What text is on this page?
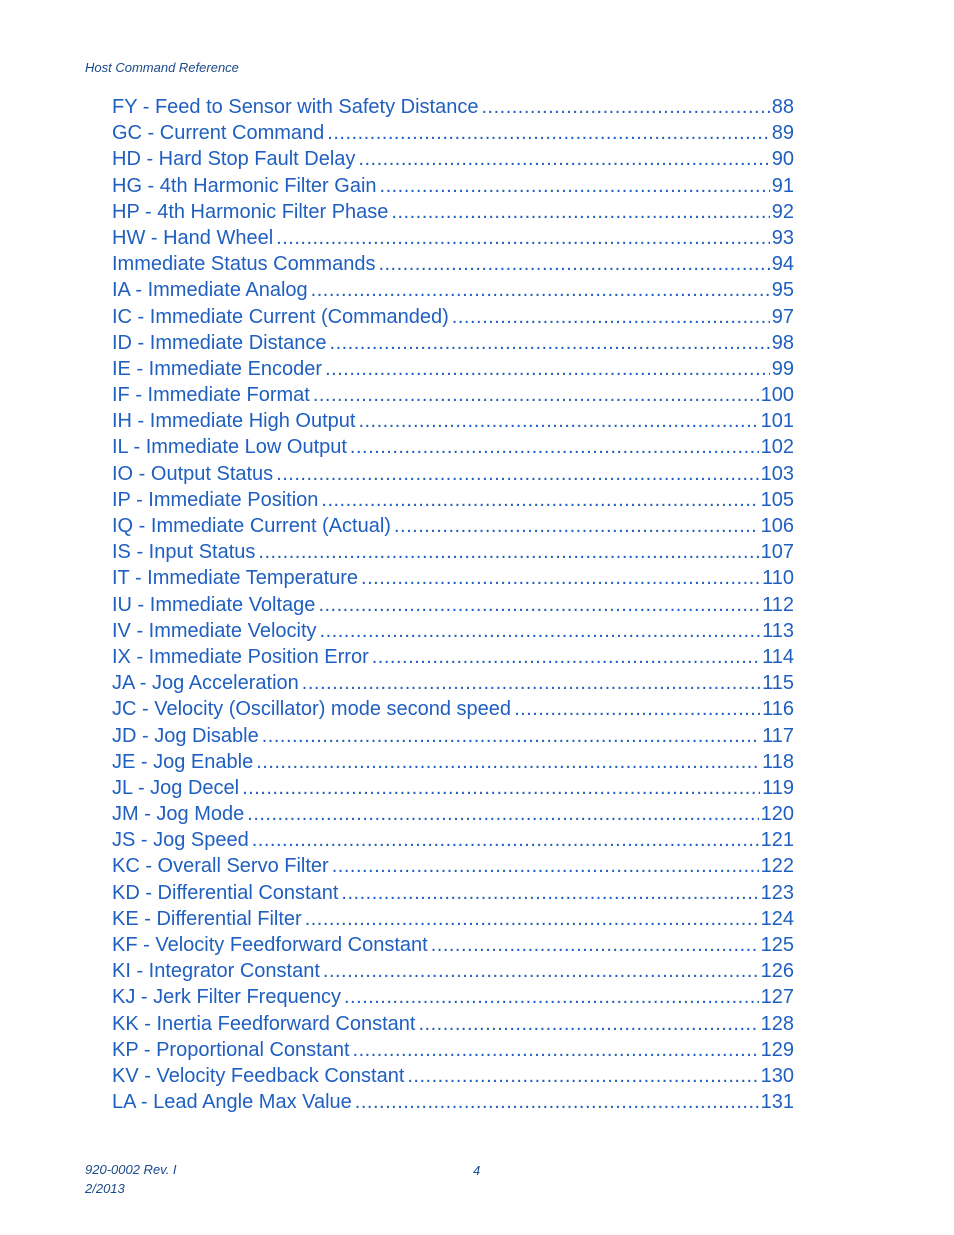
Host Command Reference
FY - Feed to Sensor with Safety Distance .....	88
GC - Current Command .....	89
HD - Hard Stop Fault Delay .....	90
HG - 4th Harmonic Filter Gain .....	91
HP - 4th Harmonic Filter Phase .....	92
HW - Hand Wheel .....	93
Immediate Status Commands .....	94
IA - Immediate Analog .....	95
IC - Immediate Current (Commanded) .....	97
ID - Immediate Distance .....	98
IE - Immediate Encoder .....	99
IF - Immediate Format .....	100
IH - Immediate High Output .....	101
IL - Immediate Low Output .....	102
IO - Output Status .....	103
IP - Immediate Position .....	105
IQ - Immediate Current (Actual) .....	106
IS - Input Status .....	107
IT - Immediate Temperature .....	110
IU - Immediate Voltage .....	112
IV - Immediate Velocity .....	113
IX - Immediate Position Error .....	114
JA - Jog Acceleration .....	115
JC - Velocity (Oscillator) mode second speed .....	116
JD - Jog Disable .....	117
JE - Jog Enable .....	118
JL - Jog Decel .....	119
JM - Jog Mode .....	120
JS - Jog Speed .....	121
KC - Overall Servo Filter .....	122
KD - Differential Constant .....	123
KE - Differential Filter .....	124
KF - Velocity Feedforward Constant .....	125
KI - Integrator Constant .....	126
KJ - Jerk Filter Frequency .....	127
KK - Inertia Feedforward Constant .....	128
KP - Proportional Constant .....	129
KV - Velocity Feedback Constant .....	130
LA - Lead Angle Max Value .....	131
920-0002 Rev. I
2/2013
4
